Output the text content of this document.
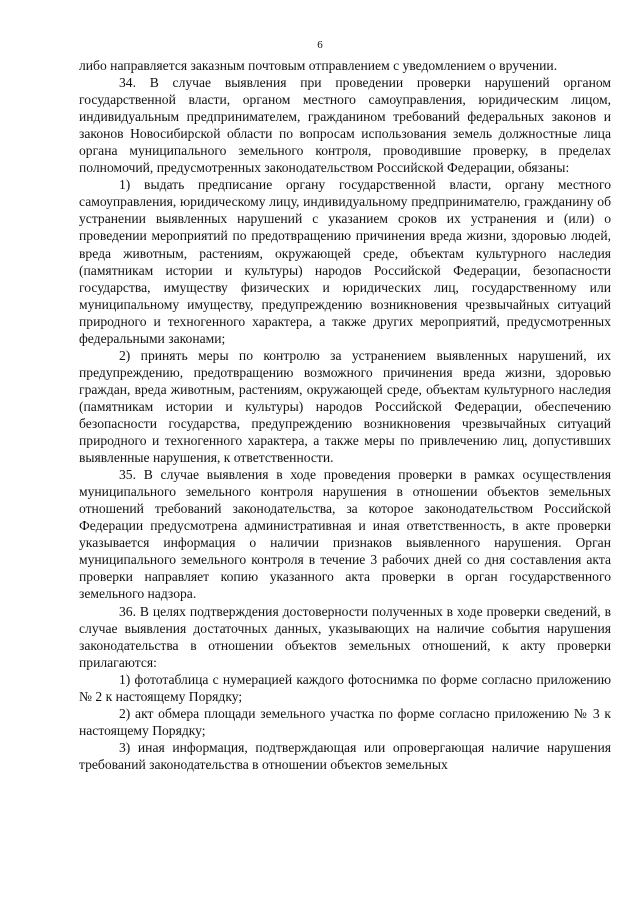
6

либо направляется заказным почтовым отправлением с уведомлением о вручении.

34. В случае выявления при проведении проверки нарушений органом государственной власти, органом местного самоуправления, юридическим лицом, индивидуальным предпринимателем, гражданином требований федеральных законов и законов Новосибирской области по вопросам использования земель должностные лица органа муниципального земельного контроля, проводившие проверку, в пределах полномочий, предусмотренных законодательством Российской Федерации, обязаны:

1) выдать предписание органу государственной власти, органу местного самоуправления, юридическому лицу, индивидуальному предпринимателю, гражданину об устранении выявленных нарушений с указанием сроков их устранения и (или) о проведении мероприятий по предотвращению причинения вреда жизни, здоровью людей, вреда животным, растениям, окружающей среде, объектам культурного наследия (памятникам истории и культуры) народов Российской Федерации, безопасности государства, имуществу физических и юридических лиц, государственному или муниципальному имуществу, предупреждению возникновения чрезвычайных ситуаций природного и техногенного характера, а также других мероприятий, предусмотренных федеральными законами;

2) принять меры по контролю за устранением выявленных нарушений, их предупреждению, предотвращению возможного причинения вреда жизни, здоровью граждан, вреда животным, растениям, окружающей среде, объектам культурного наследия (памятникам истории и культуры) народов Российской Федерации, обеспечению безопасности государства, предупреждению возникновения чрезвычайных ситуаций природного и техногенного характера, а также меры по привлечению лиц, допустивших выявленные нарушения, к ответственности.

35. В случае выявления в ходе проведения проверки в рамках осуществления муниципального земельного контроля нарушения в отношении объектов земельных отношений требований законодательства, за которое законодательством Российской Федерации предусмотрена административная и иная ответственность, в акте проверки указывается информация о наличии признаков выявленного нарушения. Орган муниципального земельного контроля в течение 3 рабочих дней со дня составления акта проверки направляет копию указанного акта проверки в орган государственного земельного надзора.

36. В целях подтверждения достоверности полученных в ходе проверки сведений, в случае выявления достаточных данных, указывающих на наличие события нарушения законодательства в отношении объектов земельных отношений, к акту проверки прилагаются:

1) фототаблица с нумерацией каждого фотоснимка по форме согласно приложению № 2 к настоящему Порядку;

2) акт обмера площади земельного участка по форме согласно приложению № 3 к настоящему Порядку;

3) иная информация, подтверждающая или опровергающая наличие нарушения требований законодательства в отношении объектов земельных
